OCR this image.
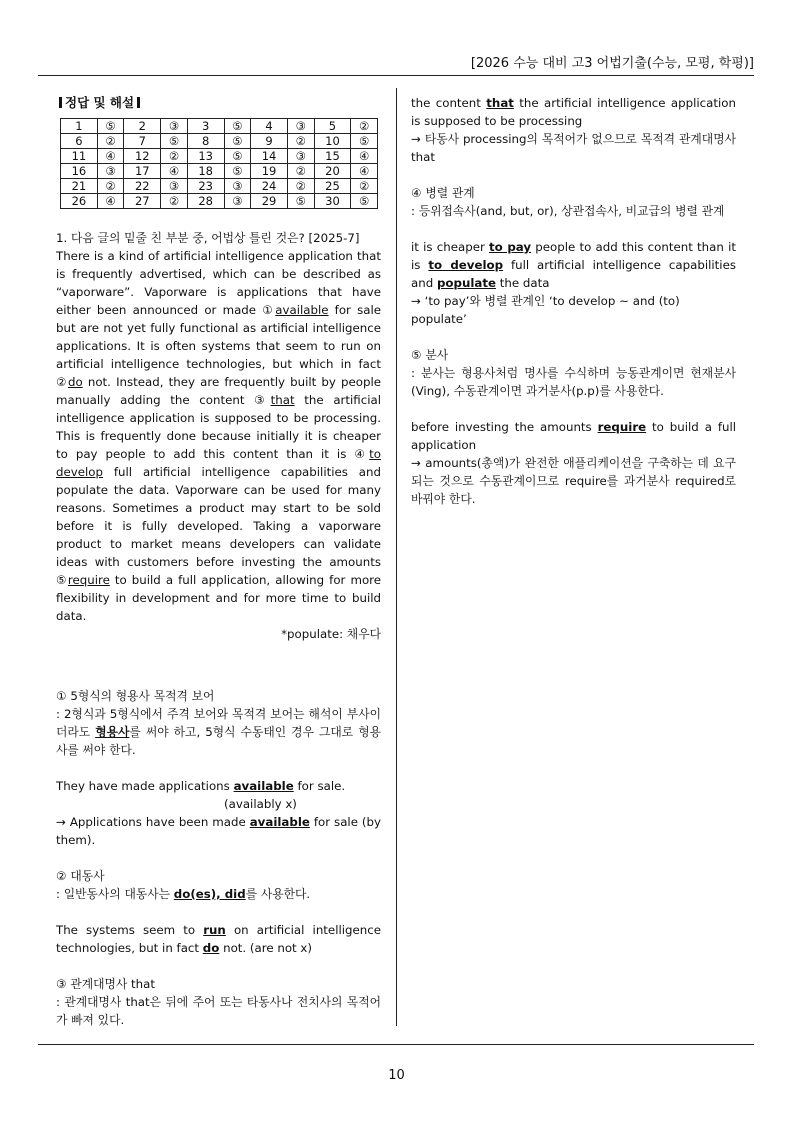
[2026 수능 대비 고3 어법기출(수능, 모평, 학평)]
정답 및 해설
1	⑤	2	③	3	⑤	4	③	5	②
6	②	7	⑤	8	⑤	9	②	10	⑤
11	④	12	②	13	⑤	14	③	15	④
16	③	17	④	18	⑤	19	②	20	④
21	②	22	③	23	③	24	②	25	②
26	④	27	②	28	③	29	⑤	30	⑤
1. 다음 글의 밑줄 친 부분 중, 어법상 틀린 것은? [2025-7]
There is a kind of artificial intelligence application that is frequently advertised, which can be described as “vaporware”. Vaporware is applications that have either been announced or made ①available for sale but are not yet fully functional as artificial intelligence applications. It is often systems that seem to run on artificial intelligence technologies, but which in fact ②do not. Instead, they are frequently built by people manually adding the content ③that the artificial intelligence application is supposed to be processing. This is frequently done because initially it is cheaper to pay people to add this content than it is ④to develop full artificial intelligence capabilities and populate the data. Vaporware can be used for many reasons. Sometimes a product may start to be sold before it is fully developed. Taking a vaporware product to market means developers can validate ideas with customers before investing the amounts ⑤require to build a full application, allowing for more flexibility in development and for more time to build data.
*populate: 채우다
① 5형식의 형용사 목적격 보어
: 2형식과 5형식에서 주격 보어와 목적격 보어는 해석이 부사이더라도 형용사를 써야 하고, 5형식 수동태인 경우 그대로 형용사를 써야 한다.
They have made applications available for sale.
(availably x)
→ Applications have been made available for sale (by them).
② 대동사
: 일반동사의 대동사는 do(es), did를 사용한다.
The systems seem to run on artificial intelligence technologies, but in fact do not. (are not x)
③ 관계대명사 that
: 관계대명사 that은 뒤에 주어 또는 타동사나 전치사의 목적어가 빠져 있다.
the content that the artificial intelligence application is supposed to be processing
→ 타동사 processing의 목적어가 없으므로 목적격 관계대명사 that
④ 병렬 관계
: 등위접속사(and, but, or), 상관접속사, 비교급의 병렬 관계
it is cheaper to pay people to add this content than it is to develop full artificial intelligence capabilities and populate the data
→ ‘to pay’와 병렬 관계인 ‘to develop ~ and (to) populate’
⑤ 분사
: 분사는 형용사처럼 명사를 수식하며 능동관계이면 현재분사(Ving), 수동관계이면 과거분사(p.p)를 사용한다.
before investing the amounts require to build a full application
→ amounts(총액)가 완전한 애플리케이션을 구축하는 데 요구되는 것으로 수동관계이므로 require를 과거분사 required로 바꿔야 한다.
10
